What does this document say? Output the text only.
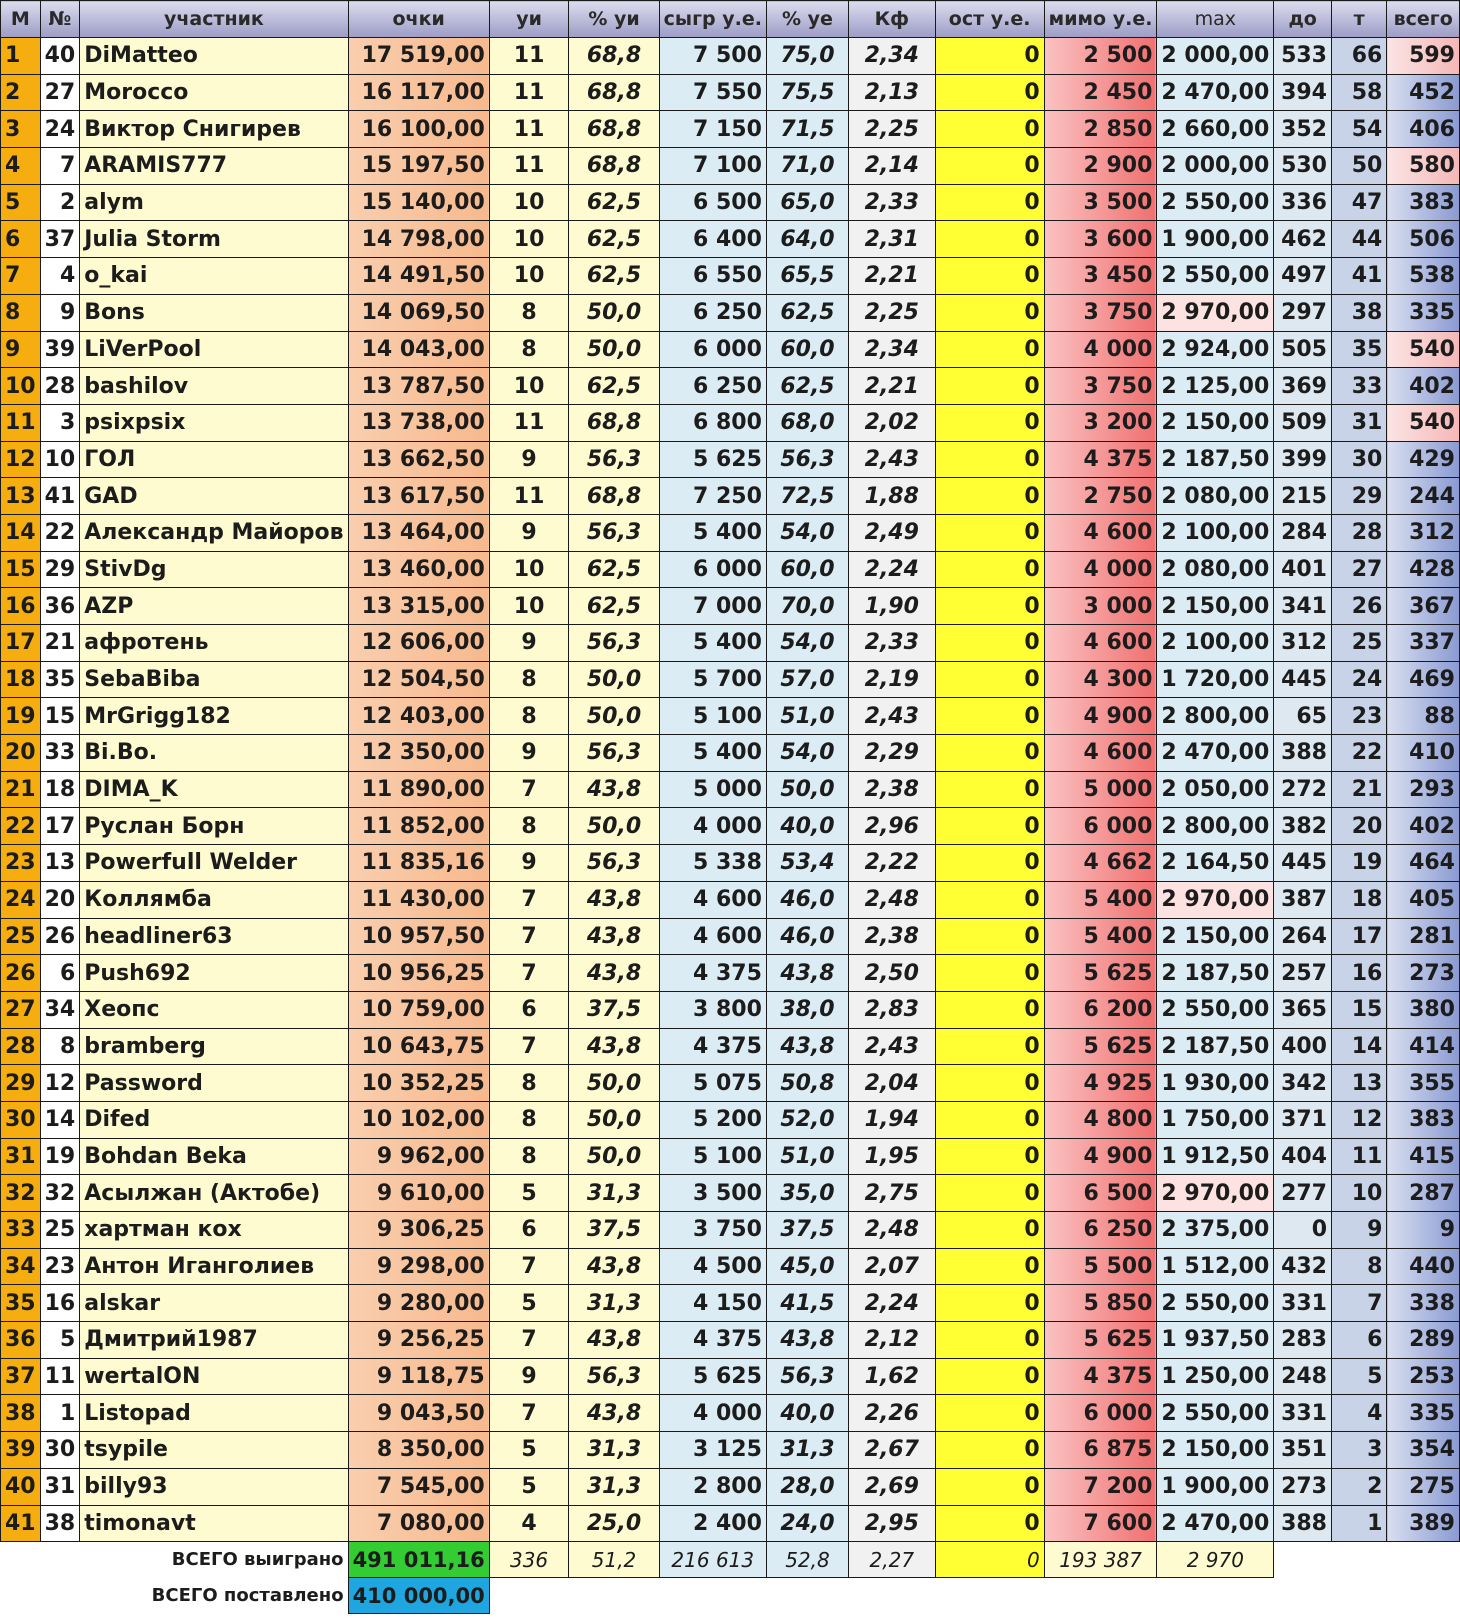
М	№	участник	очки	уи	% уи	сыгр у.е.	% уе	Кф	ост у.е.	мимо у.е.	max	до	т	всего
1	40	DiMatteo	17 519,00	11	68,8	7 500	75,0	2,34	0	2 500	2 000,00	533	66	599
2	27	Morocco	16 117,00	11	68,8	7 550	75,5	2,13	0	2 450	2 470,00	394	58	452
3	24	Виктор Снигирев	16 100,00	11	68,8	7 150	71,5	2,25	0	2 850	2 660,00	352	54	406
4	7	ARAMIS777	15 197,50	11	68,8	7 100	71,0	2,14	0	2 900	2 000,00	530	50	580
5	2	alym	15 140,00	10	62,5	6 500	65,0	2,33	0	3 500	2 550,00	336	47	383
6	37	Julia Storm	14 798,00	10	62,5	6 400	64,0	2,31	0	3 600	1 900,00	462	44	506
7	4	o_kai	14 491,50	10	62,5	6 550	65,5	2,21	0	3 450	2 550,00	497	41	538
8	9	Bons	14 069,50	8	50,0	6 250	62,5	2,25	0	3 750	2 970,00	297	38	335
9	39	LiVerPool	14 043,00	8	50,0	6 000	60,0	2,34	0	4 000	2 924,00	505	35	540
10	28	bashilov	13 787,50	10	62,5	6 250	62,5	2,21	0	3 750	2 125,00	369	33	402
11	3	psixpsix	13 738,00	11	68,8	6 800	68,0	2,02	0	3 200	2 150,00	509	31	540
12	10	ГОЛ	13 662,50	9	56,3	5 625	56,3	2,43	0	4 375	2 187,50	399	30	429
13	41	GAD	13 617,50	11	68,8	7 250	72,5	1,88	0	2 750	2 080,00	215	29	244
14	22	Александр Майоров	13 464,00	9	56,3	5 400	54,0	2,49	0	4 600	2 100,00	284	28	312
15	29	StivDg	13 460,00	10	62,5	6 000	60,0	2,24	0	4 000	2 080,00	401	27	428
16	36	AZP	13 315,00	10	62,5	7 000	70,0	1,90	0	3 000	2 150,00	341	26	367
17	21	афротень	12 606,00	9	56,3	5 400	54,0	2,33	0	4 600	2 100,00	312	25	337
18	35	SebaBiba	12 504,50	8	50,0	5 700	57,0	2,19	0	4 300	1 720,00	445	24	469
19	15	MrGrigg182	12 403,00	8	50,0	5 100	51,0	2,43	0	4 900	2 800,00	65	23	88
20	33	Bi.Bo.	12 350,00	9	56,3	5 400	54,0	2,29	0	4 600	2 470,00	388	22	410
21	18	DIMA_K	11 890,00	7	43,8	5 000	50,0	2,38	0	5 000	2 050,00	272	21	293
22	17	Руслан Борн	11 852,00	8	50,0	4 000	40,0	2,96	0	6 000	2 800,00	382	20	402
23	13	Powerfull Welder	11 835,16	9	56,3	5 338	53,4	2,22	0	4 662	2 164,50	445	19	464
24	20	Коллямба	11 430,00	7	43,8	4 600	46,0	2,48	0	5 400	2 970,00	387	18	405
25	26	headliner63	10 957,50	7	43,8	4 600	46,0	2,38	0	5 400	2 150,00	264	17	281
26	6	Push692	10 956,25	7	43,8	4 375	43,8	2,50	0	5 625	2 187,50	257	16	273
27	34	Хеопс	10 759,00	6	37,5	3 800	38,0	2,83	0	6 200	2 550,00	365	15	380
28	8	bramberg	10 643,75	7	43,8	4 375	43,8	2,43	0	5 625	2 187,50	400	14	414
29	12	Password	10 352,25	8	50,0	5 075	50,8	2,04	0	4 925	1 930,00	342	13	355
30	14	Difed	10 102,00	8	50,0	5 200	52,0	1,94	0	4 800	1 750,00	371	12	383
31	19	Bohdan Beka	9 962,00	8	50,0	5 100	51,0	1,95	0	4 900	1 912,50	404	11	415
32	32	Асылжан (Актобе)	9 610,00	5	31,3	3 500	35,0	2,75	0	6 500	2 970,00	277	10	287
33	25	хартман кох	9 306,25	6	37,5	3 750	37,5	2,48	0	6 250	2 375,00	0	9	9
34	23	Антон Иганголиев	9 298,00	7	43,8	4 500	45,0	2,07	0	5 500	1 512,00	432	8	440
35	16	alskar	9 280,00	5	31,3	4 150	41,5	2,24	0	5 850	2 550,00	331	7	338
36	5	Дмитрий1987	9 256,25	7	43,8	4 375	43,8	2,12	0	5 625	1 937,50	283	6	289
37	11	wertalON	9 118,75	9	56,3	5 625	56,3	1,62	0	4 375	1 250,00	248	5	253
38	1	Listopad	9 043,50	7	43,8	4 000	40,0	2,26	0	6 000	2 550,00	331	4	335
39	30	tsypile	8 350,00	5	31,3	3 125	31,3	2,67	0	6 875	2 150,00	351	3	354
40	31	billy93	7 545,00	5	31,3	2 800	28,0	2,69	0	7 200	1 900,00	273	2	275
41	38	timonavt	7 080,00	4	25,0	2 400	24,0	2,95	0	7 600	2 470,00	388	1	389
ВСЕГО выиграно			491 011,16	336	51,2	216 613	52,8	2,27	0	193 387	2 970			
ВСЕГО поставлено			410 000,00											
